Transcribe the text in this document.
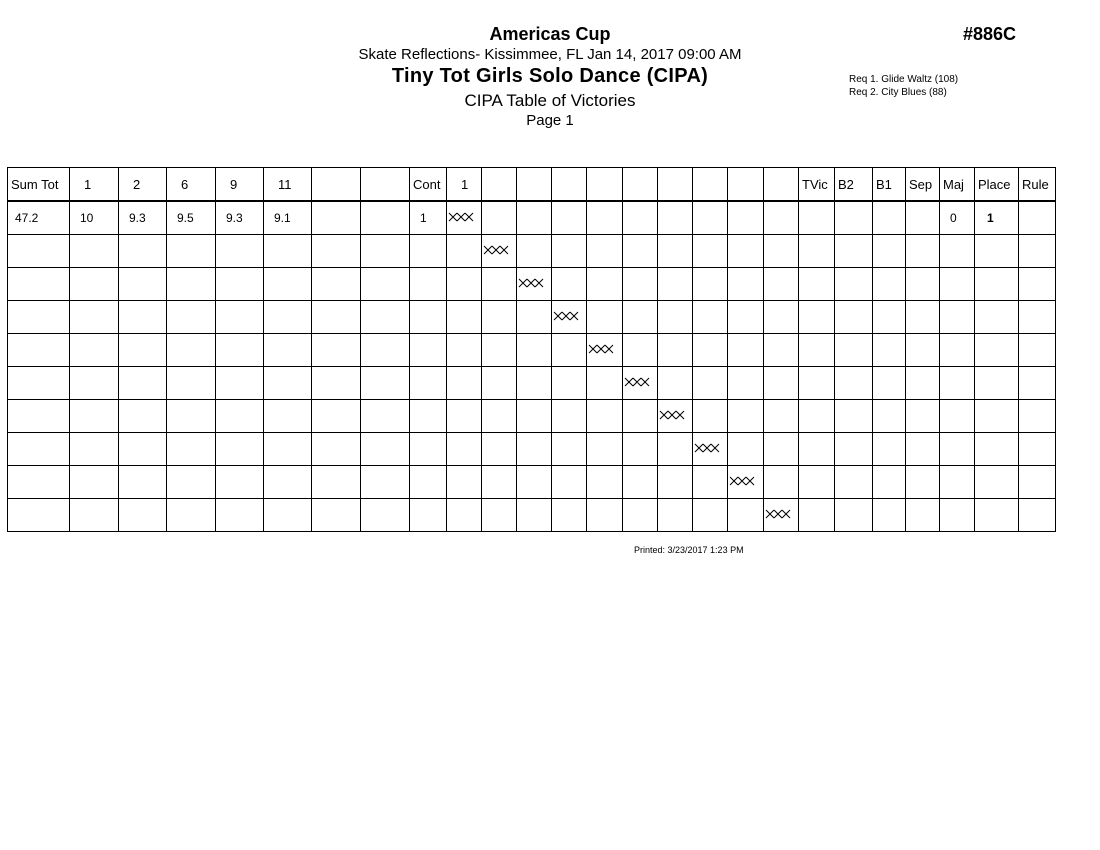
Americas Cup
Skate Reflections- Kissimmee, FL Jan 14, 2017 09:00 AM
Tiny Tot Girls Solo Dance (CIPA)
CIPA Table of Victories
Page 1
#886C
Req 1. Glide Waltz (108)
Req 2. City Blues (88)
Sum Tot	1	2	6	9	11			Cont	1										TVic	B2	B1	Sep	Maj	Place	Rule
47.2	10	9.3	9.5	9.3	9.1			1															0	1	

Printed: 3/23/2017 1:23 PM
